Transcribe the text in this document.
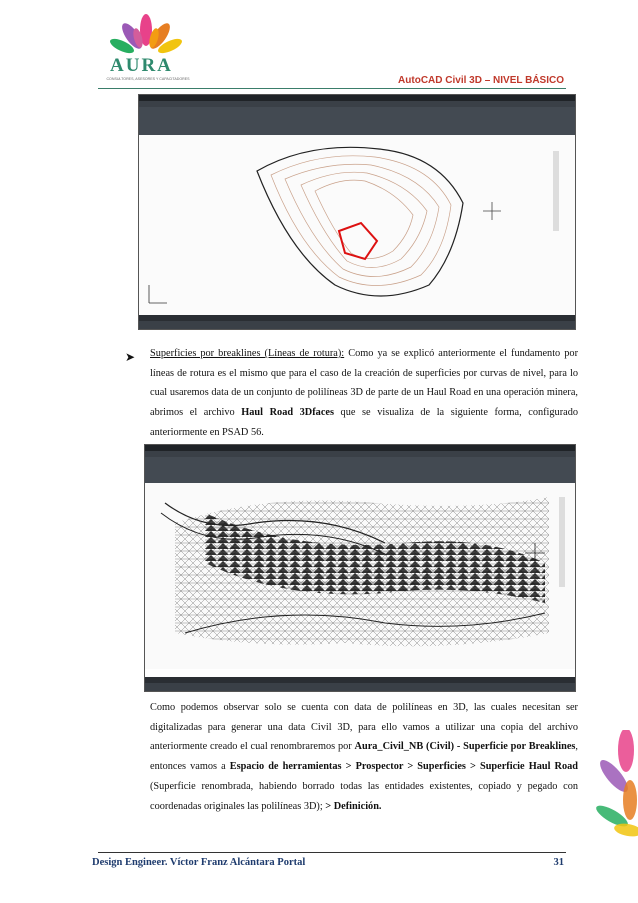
AURA
CONSULTORES, ASESORES Y CAPACITADORES	AutoCAD Civil 3D – NIVEL BÁSICO
➤ Superficies por breaklines (Líneas de rotura): Como ya se explicó anteriormente el fundamento por líneas de rotura es el mismo que para el caso de la creación de superficies por curvas de nivel, para lo cual usaremos data de un conjunto de polilíneas 3D de parte de un Haul Road en una operación minera, abrimos el archivo Haul Road 3Dfaces que se visualiza de la siguiente forma, configurado anteriormente en PSAD 56.
Como podemos observar solo se cuenta con data de polilíneas en 3D, las cuales necesitan ser digitalizadas para generar una data Civil 3D, para ello vamos a utilizar una copia del archivo anteriormente creado el cual renombraremos por Aura_Civil_NB (Civil) - Superficie por Breaklines, entonces vamos a Espacio de herramientas > Prospector > Superficies > Superficie Haul Road (Superficie renombrada, habiendo borrado todas las entidades existentes, copiado y pegado con coordenadas originales las polilíneas 3D); > Definición.
Design Engineer. Víctor Franz Alcántara Portal	31
